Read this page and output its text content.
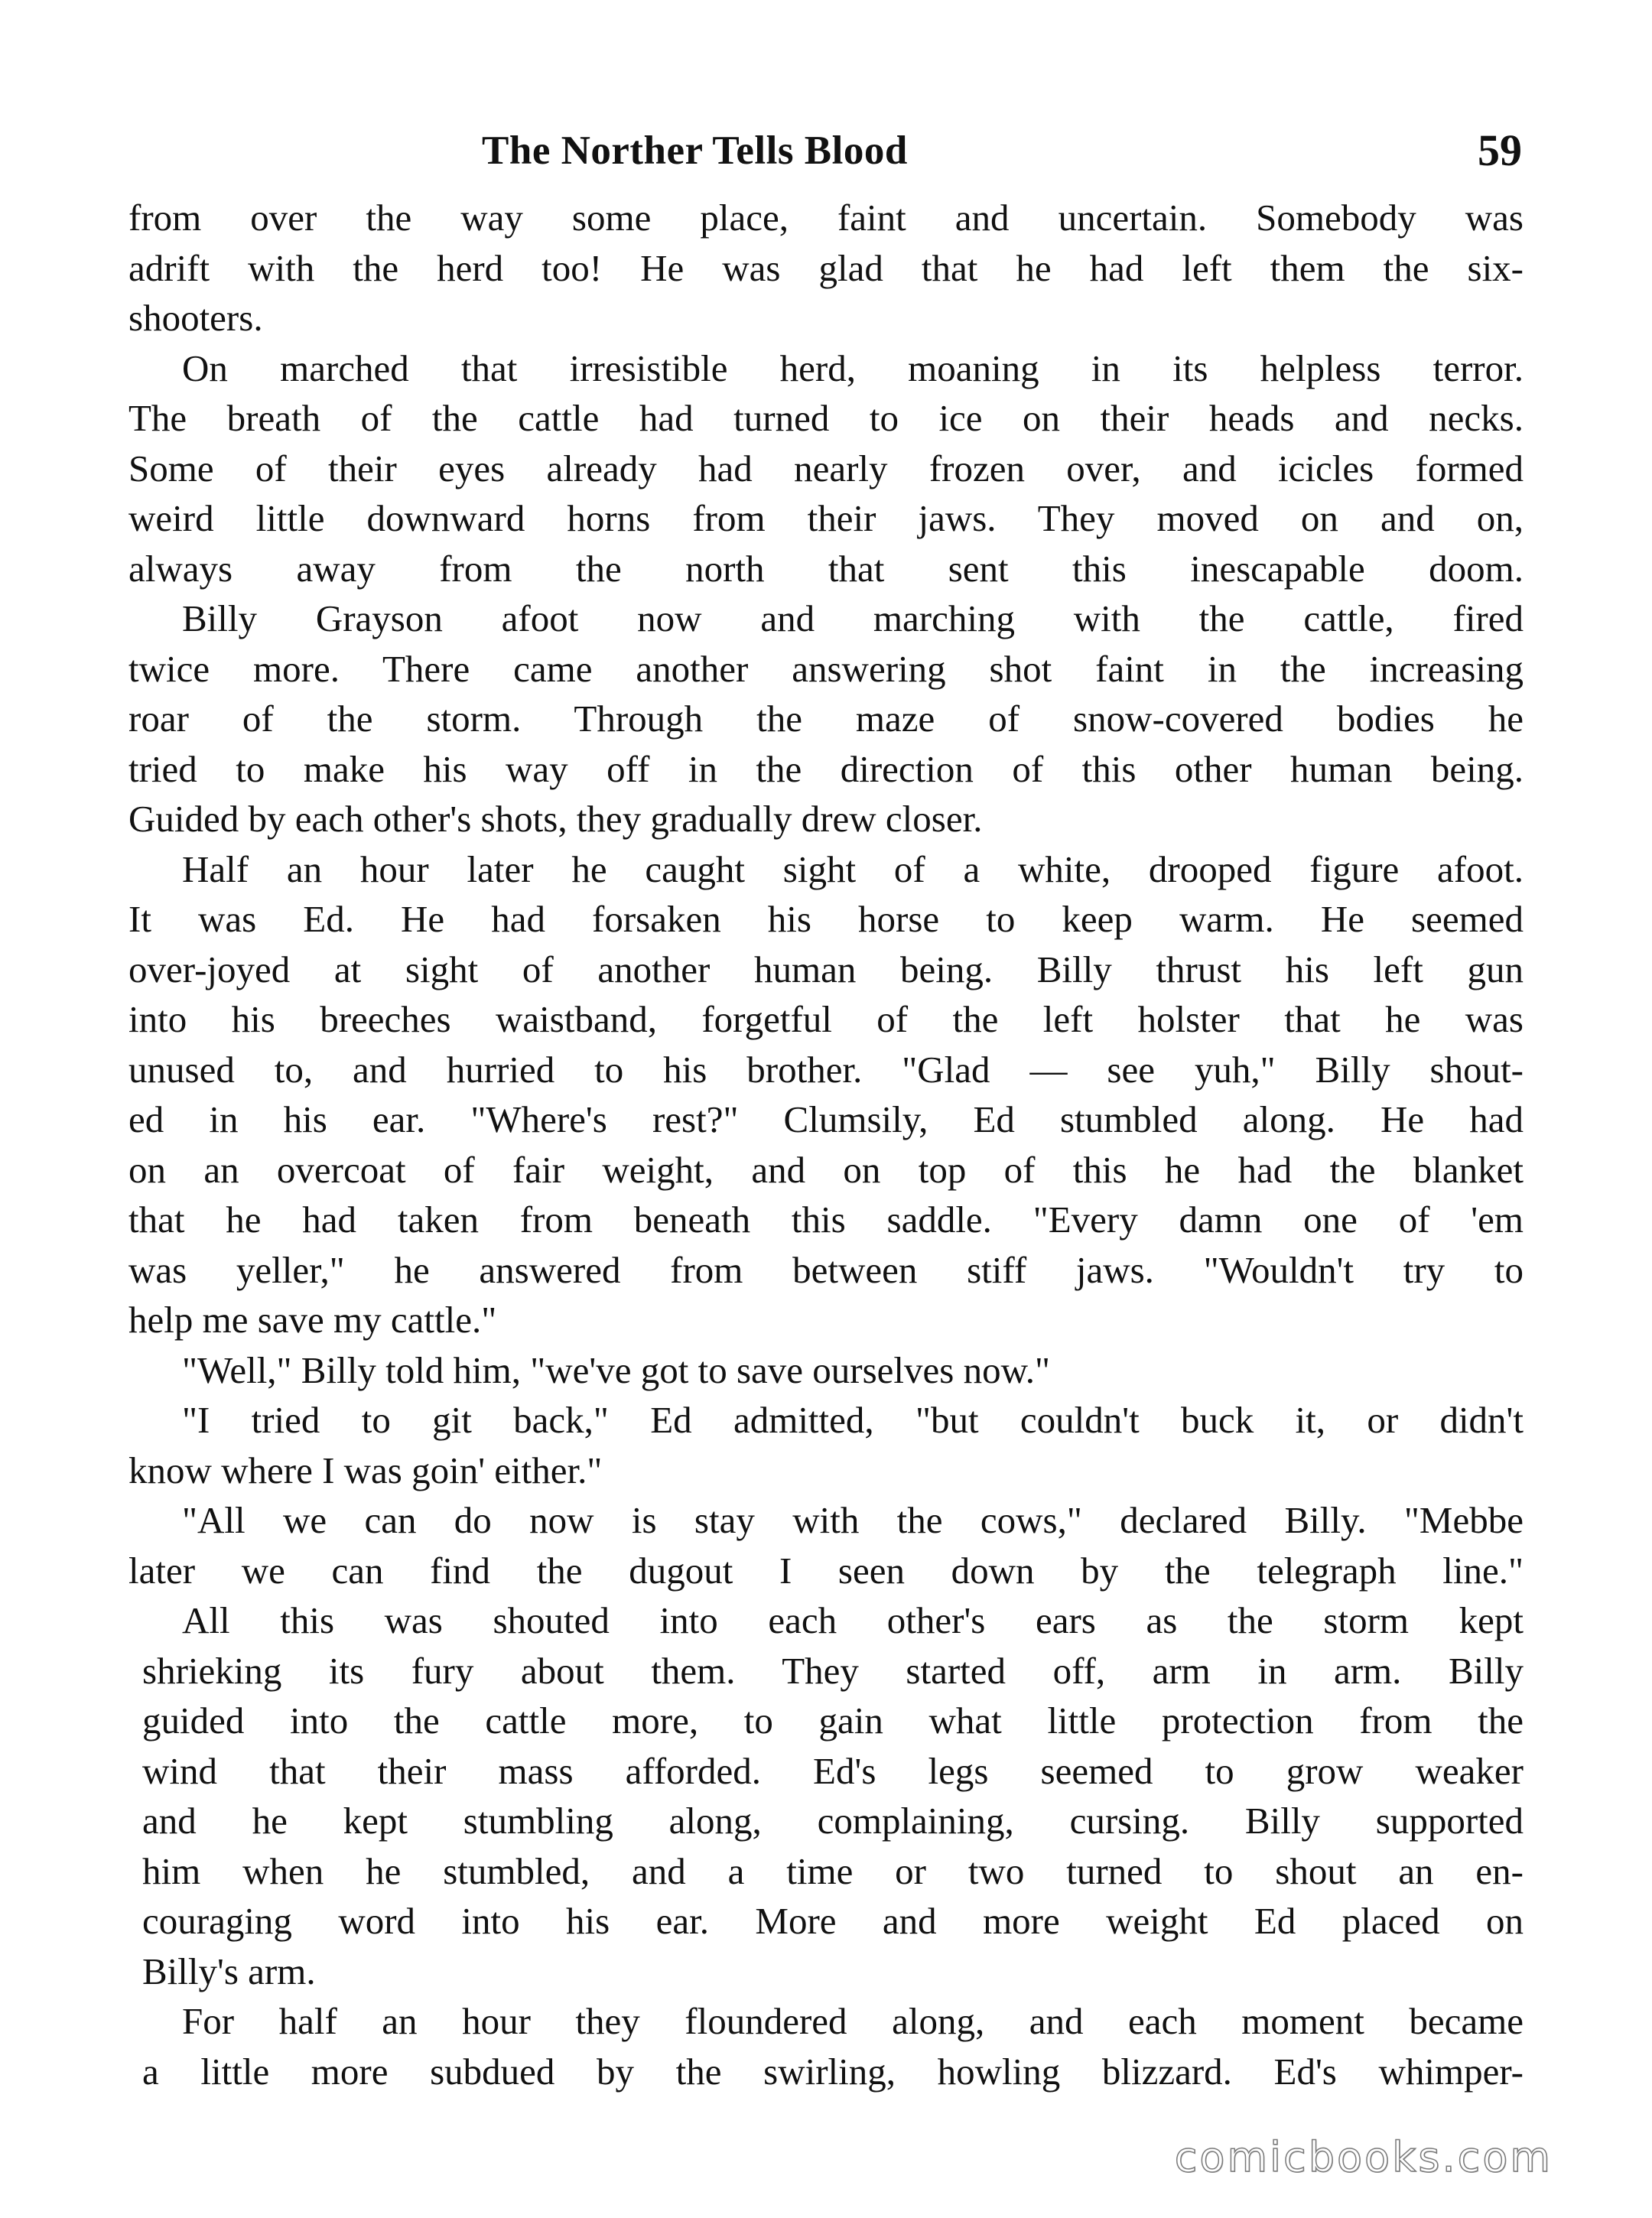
The Norther Tells Blood	59
from over the way some place, faint and uncertain. Somebody was
adrift with the herd too! He was glad that he had left them the six-
shooters.
On marched that irresistible herd, moaning in its helpless terror.
The breath of the cattle had turned to ice on their heads and necks.
Some of their eyes already had nearly frozen over, and icicles formed
weird little downward horns from their jaws. They moved on and on,
always away from the north that sent this inescapable doom.
Billy Grayson afoot now and marching with the cattle, fired
twice more. There came another answering shot faint in the increasing
roar of the storm. Through the maze of snow-covered bodies he
tried to make his way off in the direction of this other human being.
Guided by each other's shots, they gradually drew closer.
Half an hour later he caught sight of a white, drooped figure afoot.
It was Ed. He had forsaken his horse to keep warm. He seemed
over-joyed at sight of another human being. Billy thrust his left gun
into his breeches waistband, forgetful of the left holster that he was
unused to, and hurried to his brother. "Glad — see yuh," Billy shout-
ed in his ear. "Where's rest?" Clumsily, Ed stumbled along. He had
on an overcoat of fair weight, and on top of this he had the blanket
that he had taken from beneath this saddle. "Every damn one of 'em
was yeller," he answered from between stiff jaws. "Wouldn't try to
help me save my cattle."
"Well," Billy told him, "we've got to save ourselves now."
"I tried to git back," Ed admitted, "but couldn't buck it, or didn't
know where I was goin' either."
"All we can do now is stay with the cows," declared Billy. "Mebbe
later we can find the dugout I seen down by the telegraph line."
All this was shouted into each other's ears as the storm kept
shrieking its fury about them. They started off, arm in arm. Billy
guided into the cattle more, to gain what little protection from the
wind that their mass afforded. Ed's legs seemed to grow weaker
and he kept stumbling along, complaining, cursing. Billy supported
him when he stumbled, and a time or two turned to shout an en-
couraging word into his ear. More and more weight Ed placed on
Billy's arm.
For half an hour they floundered along, and each moment became
a little more subdued by the swirling, howling blizzard. Ed's whimper-
comicbooks.com
